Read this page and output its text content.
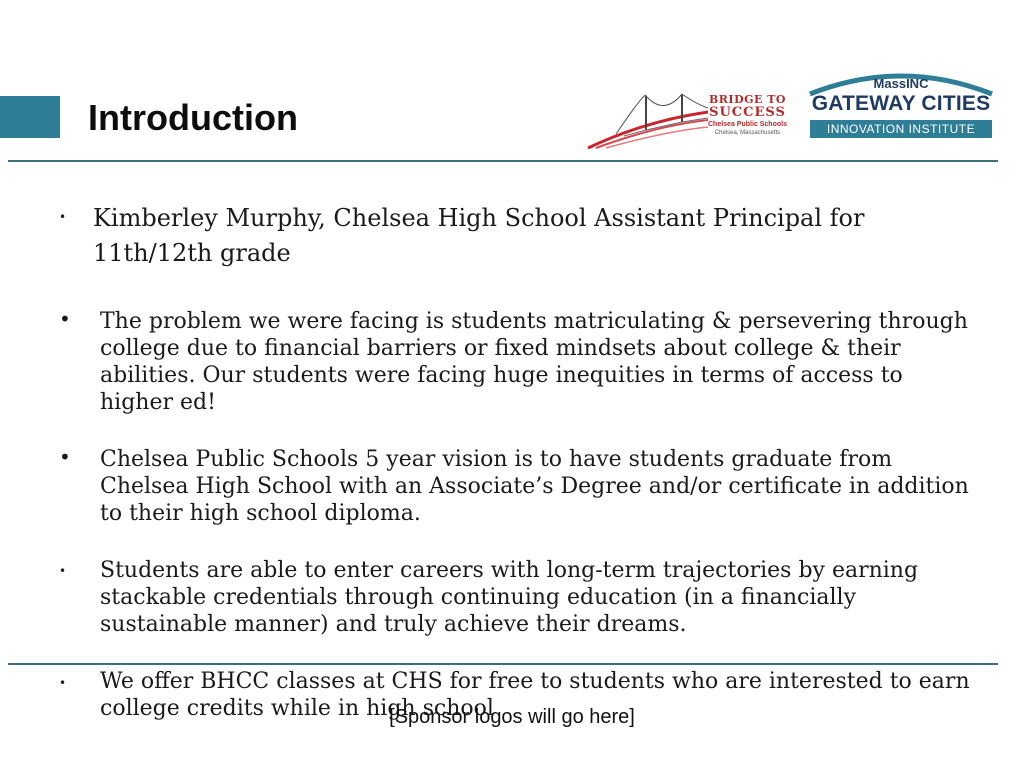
Introduction	BRIDGE TO
SUCCESS
Chelsea Public Schools
Chelsea, Massachusetts
MassINC
GATEWAY CITIES
INNOVATION INSTITUTE
• Kimberley Murphy, Chelsea High School Assistant Principal for 11th/12th grade
• The problem we were facing is students matriculating & persevering through college due to financial barriers or fixed mindsets about college & their abilities. Our students were facing huge inequities in terms of access to higher ed!
• Chelsea Public Schools 5 year vision is to have students graduate from Chelsea High School with an Associate’s Degree and/or certificate in addition to their high school diploma.
• Students are able to enter careers with long-term trajectories by earning stackable credentials through continuing education (in a financially sustainable manner) and truly achieve their dreams.
• We offer BHCC classes at CHS for free to students who are interested to earn college credits while in high school
[Sponsor logos will go here]
